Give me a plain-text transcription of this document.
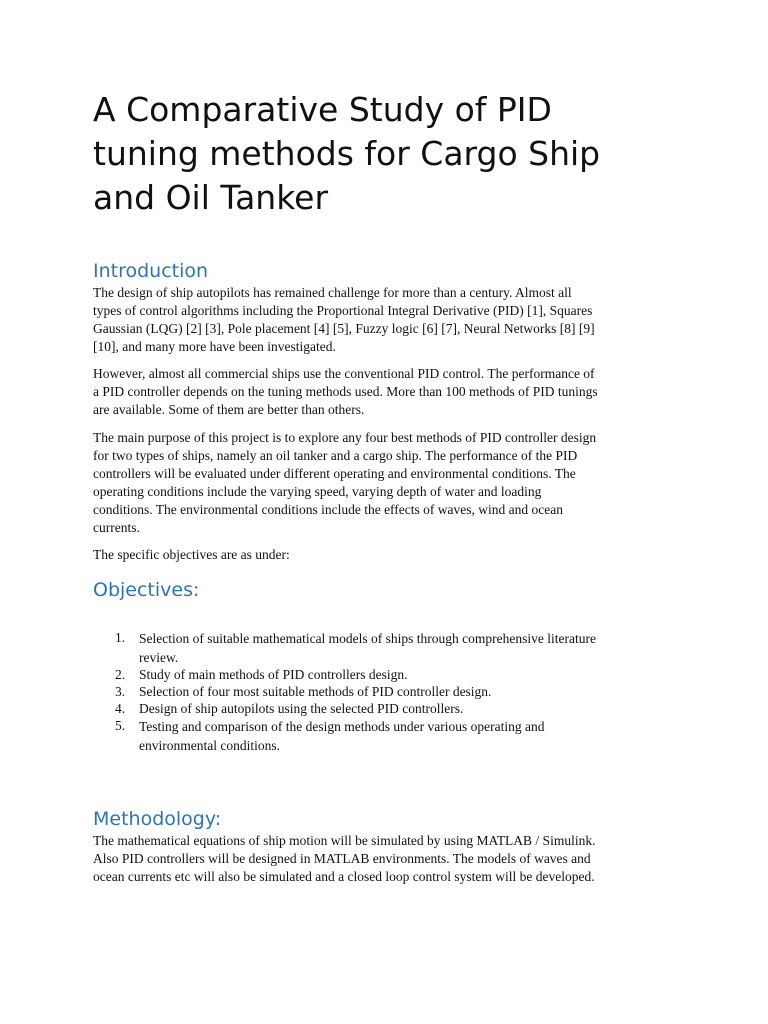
A Comparative Study of PID
tuning methods for Cargo Ship
and Oil Tanker
Introduction

The design of ship autopilots has remained challenge for more than a century. Almost all
types of control algorithms including the Proportional Integral Derivative (PID) [1], Squares
Gaussian (LQG) [2] [3], Pole placement [4] [5], Fuzzy logic [6] [7], Neural Networks [8] [9]
[10], and many more have been investigated.

However, almost all commercial ships use the conventional PID control. The performance of
a PID controller depends on the tuning methods used. More than 100 methods of PID tunings
are available. Some of them are better than others.

The main purpose of this project is to explore any four best methods of PID controller design
for two types of ships, namely an oil tanker and a cargo ship. The performance of the PID
controllers will be evaluated under different operating and environmental conditions. The
operating conditions include the varying speed, varying depth of water and loading
conditions. The environmental conditions include the effects of waves, wind and ocean
currents.

The specific objectives are as under:

Objectives:
1. Selection of suitable mathematical models of ships through comprehensive literature
review.
2. Study of main methods of PID controllers design.
3. Selection of four most suitable methods of PID controller design.
4. Design of ship autopilots using the selected PID controllers.
5. Testing and comparison of the design methods under various operating and
environmental conditions.
Methodology:

The mathematical equations of ship motion will be simulated by using MATLAB / Simulink.
Also PID controllers will be designed in MATLAB environments. The models of waves and
ocean currents etc will also be simulated and a closed loop control system will be developed.
